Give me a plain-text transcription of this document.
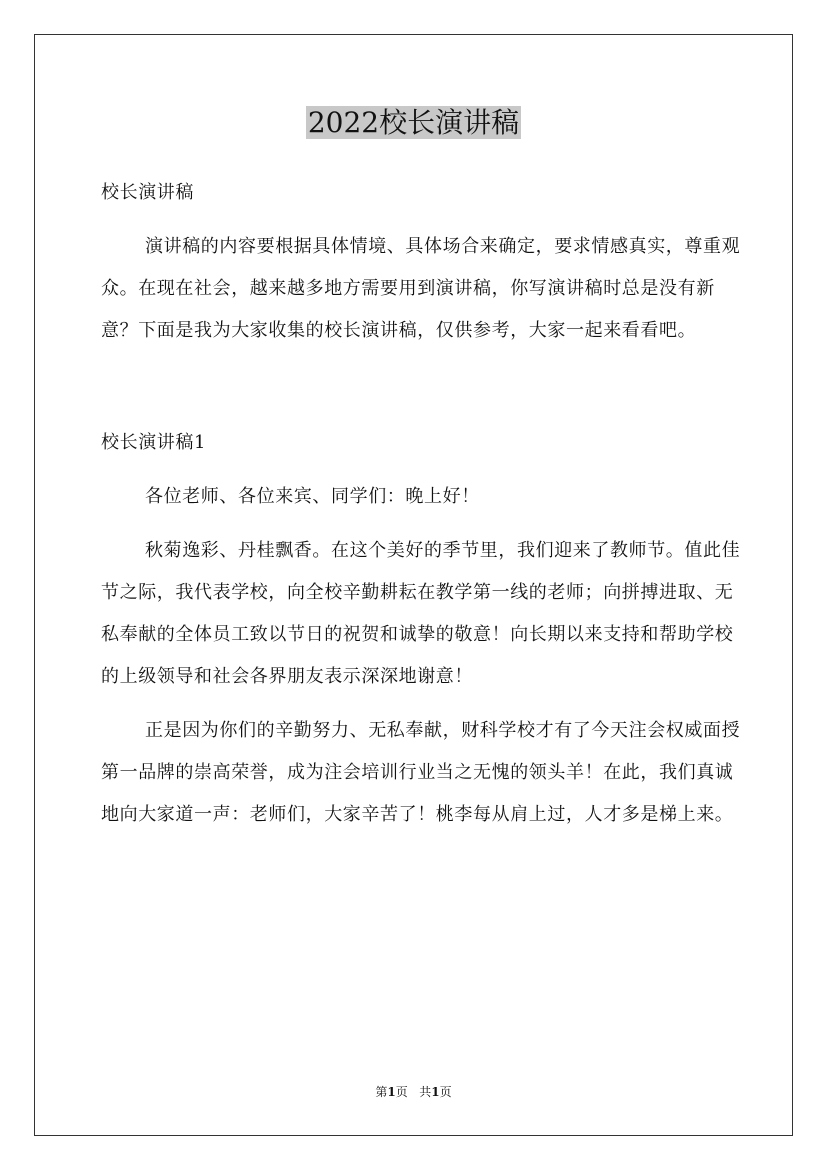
2022校长演讲稿

校长演讲稿

演讲稿的内容要根据具体情境、具体场合来确定，要求情感真实，尊重观众。在现在社会，越来越多地方需要用到演讲稿，你写演讲稿时总是没有新意？下面是我为大家收集的校长演讲稿，仅供参考，大家一起来看看吧。

校长演讲稿1

各位老师、各位来宾、同学们：晚上好！

秋菊逸彩、丹桂飘香。在这个美好的季节里，我们迎来了教师节。值此佳节之际，我代表学校，向全校辛勤耕耘在教学第一线的老师；向拼搏进取、无私奉献的全体员工致以节日的祝贺和诚挚的敬意！向长期以来支持和帮助学校的上级领导和社会各界朋友表示深深地谢意！

正是因为你们的辛勤努力、无私奉献，财科学校才有了今天注会权威面授第一品牌的崇高荣誉，成为注会培训行业当之无愧的领头羊！在此，我们真诚地向大家道一声：老师们，大家辛苦了！桃李每从肩上过，人才多是梯上来。

第1页 共1页
